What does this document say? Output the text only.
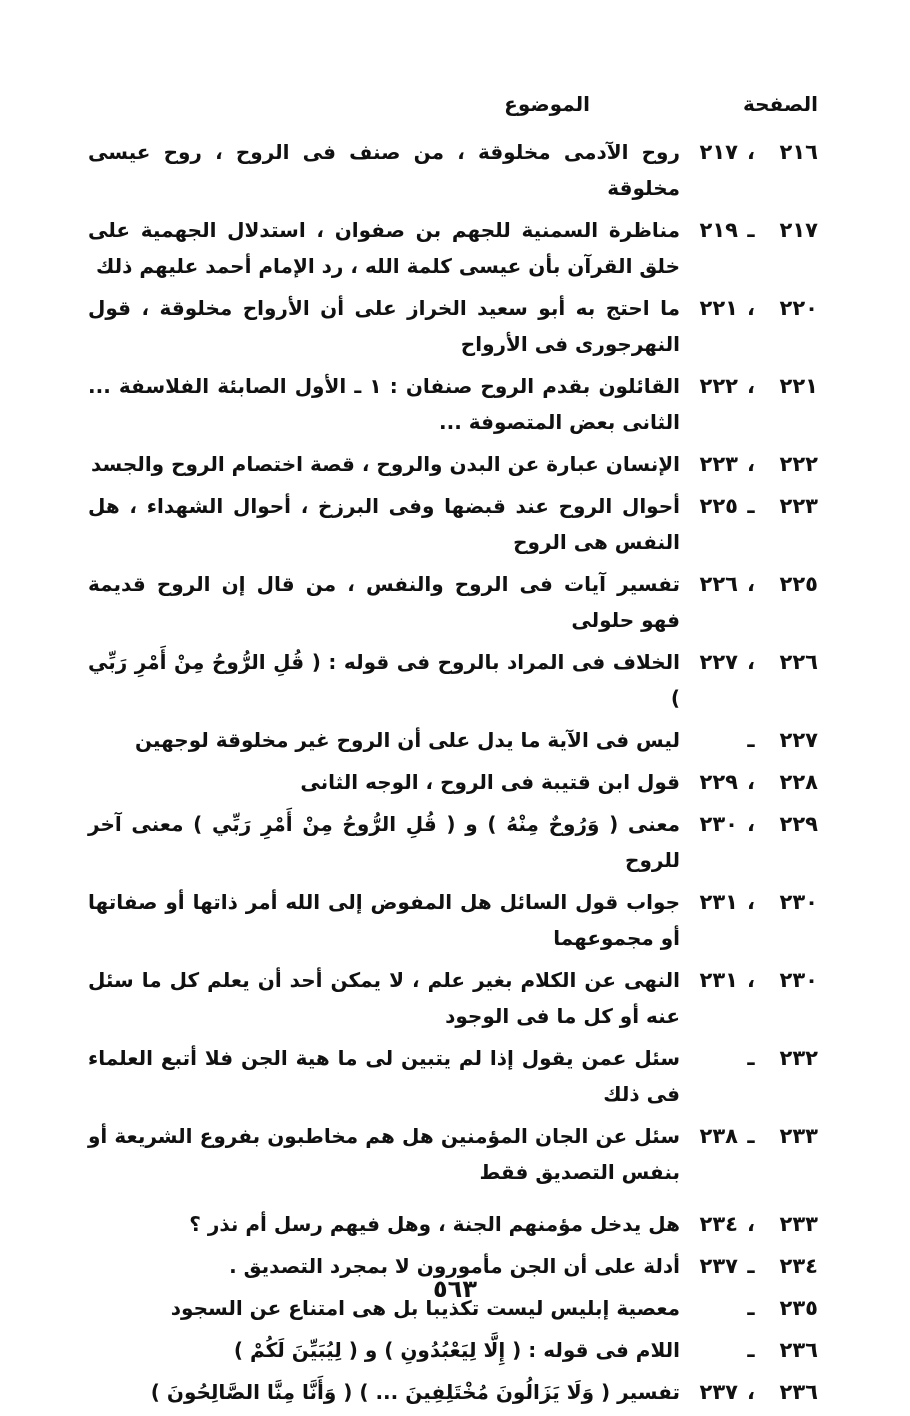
الصفحة
الموضوع
٢١٦
،
٢١٧
روح الآدمى مخلوقة ، من صنف فى الروح ، روح عيسى مخلوقة
٢١٧
ـ
٢١٩
مناظرة السمنية للجهم بن صفوان ، استدلال الجهمية على خلق القرآن بأن عيسى كلمة الله ، رد الإمام أحمد عليهم ذلك
٢٢٠
،
٢٢١
ما احتج به أبو سعيد الخراز على أن الأرواح مخلوقة ، قول النهرجورى فى الأرواح
٢٢١
،
٢٢٢
القائلون بقدم الروح صنفان : ١ ـ الأول الصابئة الفلاسفة ... الثانى بعض المتصوفة ...
٢٢٢
،
٢٢٣
الإنسان عبارة عن البدن والروح ، قصة اختصام الروح والجسد
٢٢٣
ـ
٢٢٥
أحوال الروح عند قبضها وفى البرزخ ، أحوال الشهداء ، هل النفس هى الروح
٢٢٥
،
٢٢٦
تفسير آيات فى الروح والنفس ، من قال إن الروح قديمة فهو حلولى
٢٢٦
،
٢٢٧
الخلاف فى المراد بالروح فى قوله : ( قُلِ الرُّوحُ مِنْ أَمْرِ رَبِّي )
٢٢٧
ـ
ليس فى الآية ما يدل على أن الروح غير مخلوقة لوجهين
٢٢٨
،
٢٢٩
قول ابن قتيبة فى الروح ، الوجه الثانى
٢٢٩
،
٢٣٠
معنى ( وَرُوحٌ مِنْهُ ) و ( قُلِ الرُّوحُ مِنْ أَمْرِ رَبِّي ) معنى آخر للروح
٢٣٠
،
٢٣١
جواب قول السائل هل المفوض إلى الله أمر ذاتها أو صفاتها أو مجموعهما
٢٣٠
،
٢٣١
النهى عن الكلام بغير علم ، لا يمكن أحد أن يعلم كل ما سئل عنه أو كل ما فى الوجود
٢٣٢
ـ
سئل عمن يقول إذا لم يتبين لى ما هية الجن فلا أتبع العلماء فى ذلك
٢٣٣
ـ
٢٣٨
سئل عن الجان المؤمنين هل هم مخاطبون بفروع الشريعة أو بنفس التصديق فقط
٢٣٣
،
٢٣٤
هل يدخل مؤمنهم الجنة ، وهل فيهم رسل أم نذر ؟
٢٣٤
ـ
٢٣٧
أدلة على أن الجن مأمورون لا بمجرد التصديق .
٢٣٥
ـ
معصية إبليس ليست تكذيبا بل هى امتناع عن السجود
٢٣٦
ـ
اللام فى قوله : ( إِلَّا لِيَعْبُدُونِ ) و ( لِيُبَيِّنَ لَكُمْ )
٢٣٦
،
٢٣٧
تفسير ( وَلَا يَزَالُونَ مُخْتَلِفِينَ ... ) ( وَأَنَّا مِنَّا الصَّالِحُونَ )
٥٦٣
